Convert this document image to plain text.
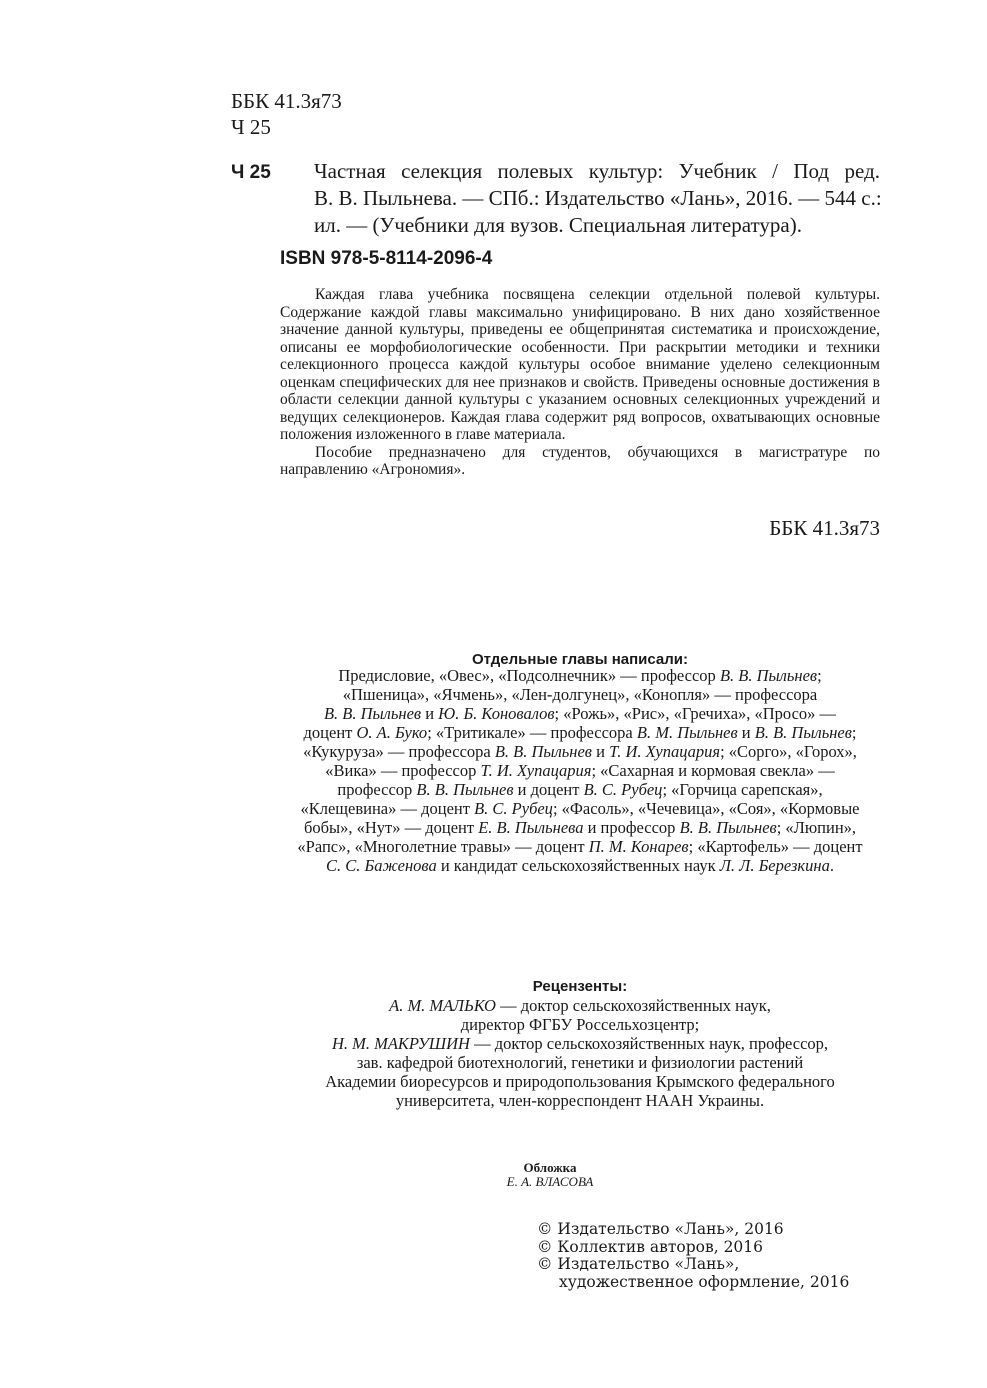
ББК 41.3я73
Ч 25
Ч 25 Частная селекция полевых культур: Учебник / Под ред.
В. В. Пыльнева. — СПб.: Издательство «Лань», 2016. — 544 с.:
ил. — (Учебники для вузов. Специальная литература).
ISBN 978-5-8114-2096-4

Каждая глава учебника посвящена селекции отдельной полевой культуры. Содержание каждой главы максимально унифицировано. В них дано хозяйственное значение данной культуры, приведены ее общепринятая систематика и происхождение, описаны ее морфобиологические особенности. При раскрытии методики и техники селекционного процесса каждой культуры особое внимание уделено селекционным оценкам специфических для нее признаков и свойств. Приведены основные достижения в области селекции данной культуры с указанием основных селекционных учреждений и ведущих селекционеров. Каждая глава содержит ряд вопросов, охватывающих основные положения изложенного в главе материала.

Пособие предназначено для студентов, обучающихся в магистратуре по направлению «Агрономия».

ББК 41.3я73
Отдельные главы написали:
Предисловие, «Овес», «Подсолнечник» — профессор В. В. Пыльнев;
«Пшеница», «Ячмень», «Лен-долгунец», «Конопля» — профессора
В. В. Пыльнев и Ю. Б. Коновалов; «Рожь», «Рис», «Гречиха», «Просо» —
доцент О. А. Буко; «Тритикале» — профессора В. М. Пыльнев и В. В. Пыльнев;
«Кукуруза» — профессора В. В. Пыльнев и Т. И. Хупацария; «Сорго», «Горох»,
«Вика» — профессор Т. И. Хупацария; «Сахарная и кормовая свекла» —
профессор В. В. Пыльнев и доцент В. С. Рубец; «Горчица сарепская»,
«Клещевина» — доцент В. С. Рубец; «Фасоль», «Чечевица», «Соя», «Кормовые
бобы», «Нут» — доцент Е. В. Пыльнева и профессор В. В. Пыльнев; «Люпин»,
«Рапс», «Многолетние травы» — доцент П. М. Конарев; «Картофель» — доцент
С. С. Баженова и кандидат сельскохозяйственных наук Л. Л. Березкина.
Рецензенты:
А. М. МАЛЬКО — доктор сельскохозяйственных наук,
директор ФГБУ Россельхозцентр;
Н. М. МАКРУШИН — доктор сельскохозяйственных наук, профессор,
зав. кафедрой биотехнологий, генетики и физиологии растений
Академии биоресурсов и природопользования Крымского федерального
университета, член-корреспондент НААН Украины.
Обложка
Е. А. ВЛАСОВА
© Издательство «Лань», 2016
© Коллектив авторов, 2016
© Издательство «Лань»,
художественное оформление, 2016
